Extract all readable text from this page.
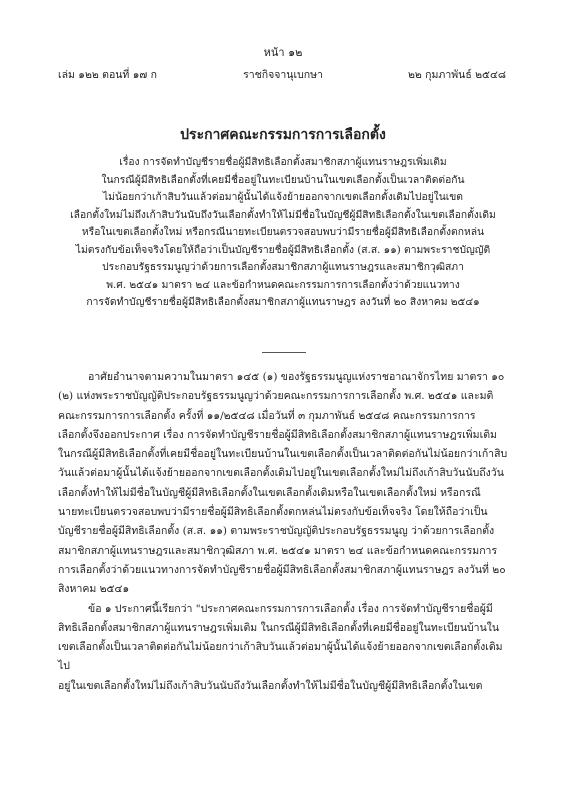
หน้า ๑๒
เล่ม ๑๒๒ ตอนที่ ๑๗ ก	ราชกิจจานุเบกษา	๒๒ กุมภาพันธ์ ๒๕๔๘
ประกาศคณะกรรมการการเลือกตั้ง
เรื่อง การจัดทำบัญชีรายชื่อผู้มีสิทธิเลือกตั้งสมาชิกสภาผู้แทนราษฎรเพิ่มเติม
ในกรณีผู้มีสิทธิเลือกตั้งที่เคยมีชื่ออยู่ในทะเบียนบ้านในเขตเลือกตั้งเป็นเวลาติดต่อกัน
ไม่น้อยกว่าเก้าสิบวันแล้วต่อมาผู้นั้นได้แจ้งย้ายออกจากเขตเลือกตั้งเดิมไปอยู่ในเขต
เลือกตั้งใหม่ไม่ถึงเก้าสิบวันนับถึงวันเลือกตั้งทำให้ไม่มีชื่อในบัญชีผู้มีสิทธิเลือกตั้งในเขตเลือกตั้งเดิม
หรือในเขตเลือกตั้งใหม่ หรือกรณีนายทะเบียนตรวจสอบพบว่ามีรายชื่อผู้มีสิทธิเลือกตั้งตกหล่น
ไม่ตรงกับข้อเท็จจริงโดยให้ถือว่าเป็นบัญชีรายชื่อผู้มีสิทธิเลือกตั้ง (ส.ส. ๑๑) ตามพระราชบัญญัติ
ประกอบรัฐธรรมนูญว่าด้วยการเลือกตั้งสมาชิกสภาผู้แทนราษฎรและสมาชิกวุฒิสภา
พ.ศ. ๒๕๔๑ มาตรา ๒๔ และข้อกำหนดคณะกรรมการการเลือกตั้งว่าด้วยแนวทาง
การจัดทำบัญชีรายชื่อผู้มีสิทธิเลือกตั้งสมาชิกสภาผู้แทนราษฎร ลงวันที่ ๒๐ สิงหาคม ๒๕๔๑
อาศัยอำนาจตามความในมาตรา ๑๔๕ (๑) ของรัฐธรรมนูญแห่งราชอาณาจักรไทย มาตรา ๑๐
(๒) แห่งพระราชบัญญัติประกอบรัฐธรรมนูญว่าด้วยคณะกรรมการการเลือกตั้ง พ.ศ. ๒๕๔๑ และมติ
คณะกรรมการการเลือกตั้ง ครั้งที่ ๑๑/๒๕๔๘ เมื่อวันที่ ๓ กุมภาพันธ์ ๒๕๔๘ คณะกรรมการการ
เลือกตั้งจึงออกประกาศ เรื่อง การจัดทำบัญชีรายชื่อผู้มีสิทธิเลือกตั้งสมาชิกสภาผู้แทนราษฎรเพิ่มเติม
ในกรณีผู้มีสิทธิเลือกตั้งที่เคยมีชื่ออยู่ในทะเบียนบ้านในเขตเลือกตั้งเป็นเวลาติดต่อกันไม่น้อยกว่าเก้าสิบ
วันแล้วต่อมาผู้นั้นได้แจ้งย้ายออกจากเขตเลือกตั้งเดิมไปอยู่ในเขตเลือกตั้งใหม่ไม่ถึงเก้าสิบวันนับถึงวัน
เลือกตั้งทำให้ไม่มีชื่อในบัญชีผู้มีสิทธิเลือกตั้งในเขตเลือกตั้งเดิมหรือในเขตเลือกตั้งใหม่ หรือกรณี
นายทะเบียนตรวจสอบพบว่ามีรายชื่อผู้มีสิทธิเลือกตั้งตกหล่นไม่ตรงกับข้อเท็จจริง โดยให้ถือว่าเป็น
บัญชีรายชื่อผู้มีสิทธิเลือกตั้ง (ส.ส. ๑๑) ตามพระราชบัญญัติประกอบรัฐธรรมนูญ ว่าด้วยการเลือกตั้ง
สมาชิกสภาผู้แทนราษฎรและสมาชิกวุฒิสภา พ.ศ. ๒๕๔๑ มาตรา ๒๔ และข้อกำหนดคณะกรรมการ
การเลือกตั้งว่าด้วยแนวทางการจัดทำบัญชีรายชื่อผู้มีสิทธิเลือกตั้งสมาชิกสภาผู้แทนราษฎร ลงวันที่ ๒๐
สิงหาคม ๒๕๔๑
ข้อ ๑ ประกาศนี้เรียกว่า "ประกาศคณะกรรมการการเลือกตั้ง เรื่อง การจัดทำบัญชีรายชื่อผู้มี
สิทธิเลือกตั้งสมาชิกสภาผู้แทนราษฎรเพิ่มเติม ในกรณีผู้มีสิทธิเลือกตั้งที่เคยมีชื่ออยู่ในทะเบียนบ้านใน
เขตเลือกตั้งเป็นเวลาติดต่อกันไม่น้อยกว่าเก้าสิบวันแล้วต่อมาผู้นั้นได้แจ้งย้ายออกจากเขตเลือกตั้งเดิมไป
อยู่ในเขตเลือกตั้งใหม่ไม่ถึงเก้าสิบวันนับถึงวันเลือกตั้งทำให้ไม่มีชื่อในบัญชีผู้มีสิทธิเลือกตั้งในเขต
